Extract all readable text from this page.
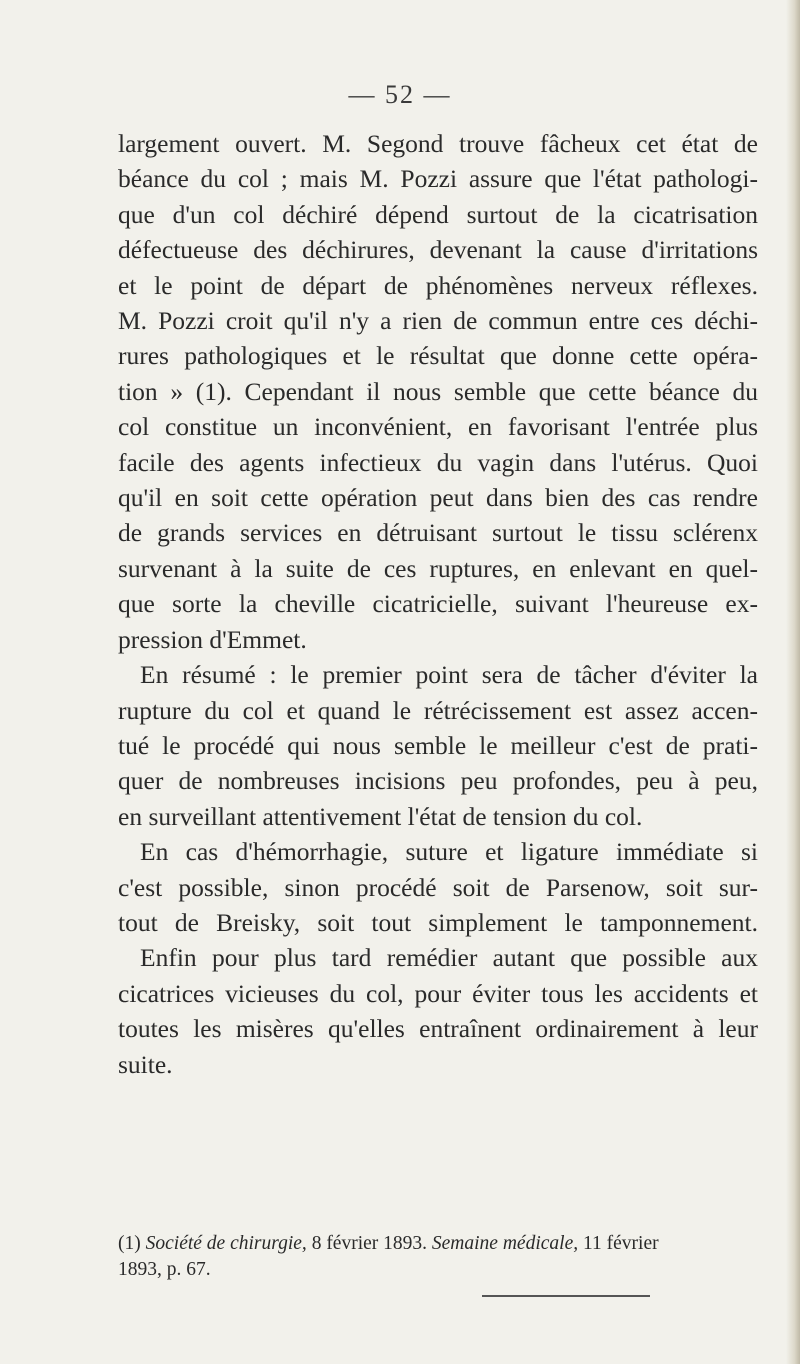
— 52 —
largement ouvert. M. Segond trouve fâcheux cet état de
béance du col ; mais M. Pozzi assure que l'état pathologi-
que d'un col déchiré dépend surtout de la cicatrisation
défectueuse des déchirures, devenant la cause d'irritations
et le point de départ de phénomènes nerveux réflexes.
M. Pozzi croit qu'il n'y a rien de commun entre ces déchi-
rures pathologiques et le résultat que donne cette opéra-
tion » (1). Cependant il nous semble que cette béance du
col constitue un inconvénient, en favorisant l'entrée plus
facile des agents infectieux du vagin dans l'utérus. Quoi
qu'il en soit cette opération peut dans bien des cas rendre
de grands services en détruisant surtout le tissu sclérenx
survenant à la suite de ces ruptures, en enlevant en quel-
que sorte la cheville cicatricielle, suivant l'heureuse ex-
pression d'Emmet.
En résumé : le premier point sera de tâcher d'éviter la
rupture du col et quand le rétrécissement est assez accen-
tué le procédé qui nous semble le meilleur c'est de prati-
quer de nombreuses incisions peu profondes, peu à peu,
en surveillant attentivement l'état de tension du col.
En cas d'hémorrhagie, suture et ligature immédiate si
c'est possible, sinon procédé soit de Parsenow, soit sur-
tout de Breisky, soit tout simplement le tamponnement.
Enfin pour plus tard remédier autant que possible aux
cicatrices vicieuses du col, pour éviter tous les accidents et
toutes les misères qu'elles entraînent ordinairement à leur
suite.
(1) Société de chirurgie, 8 février 1893. Semaine médicale, 11 février
1893, p. 67.
